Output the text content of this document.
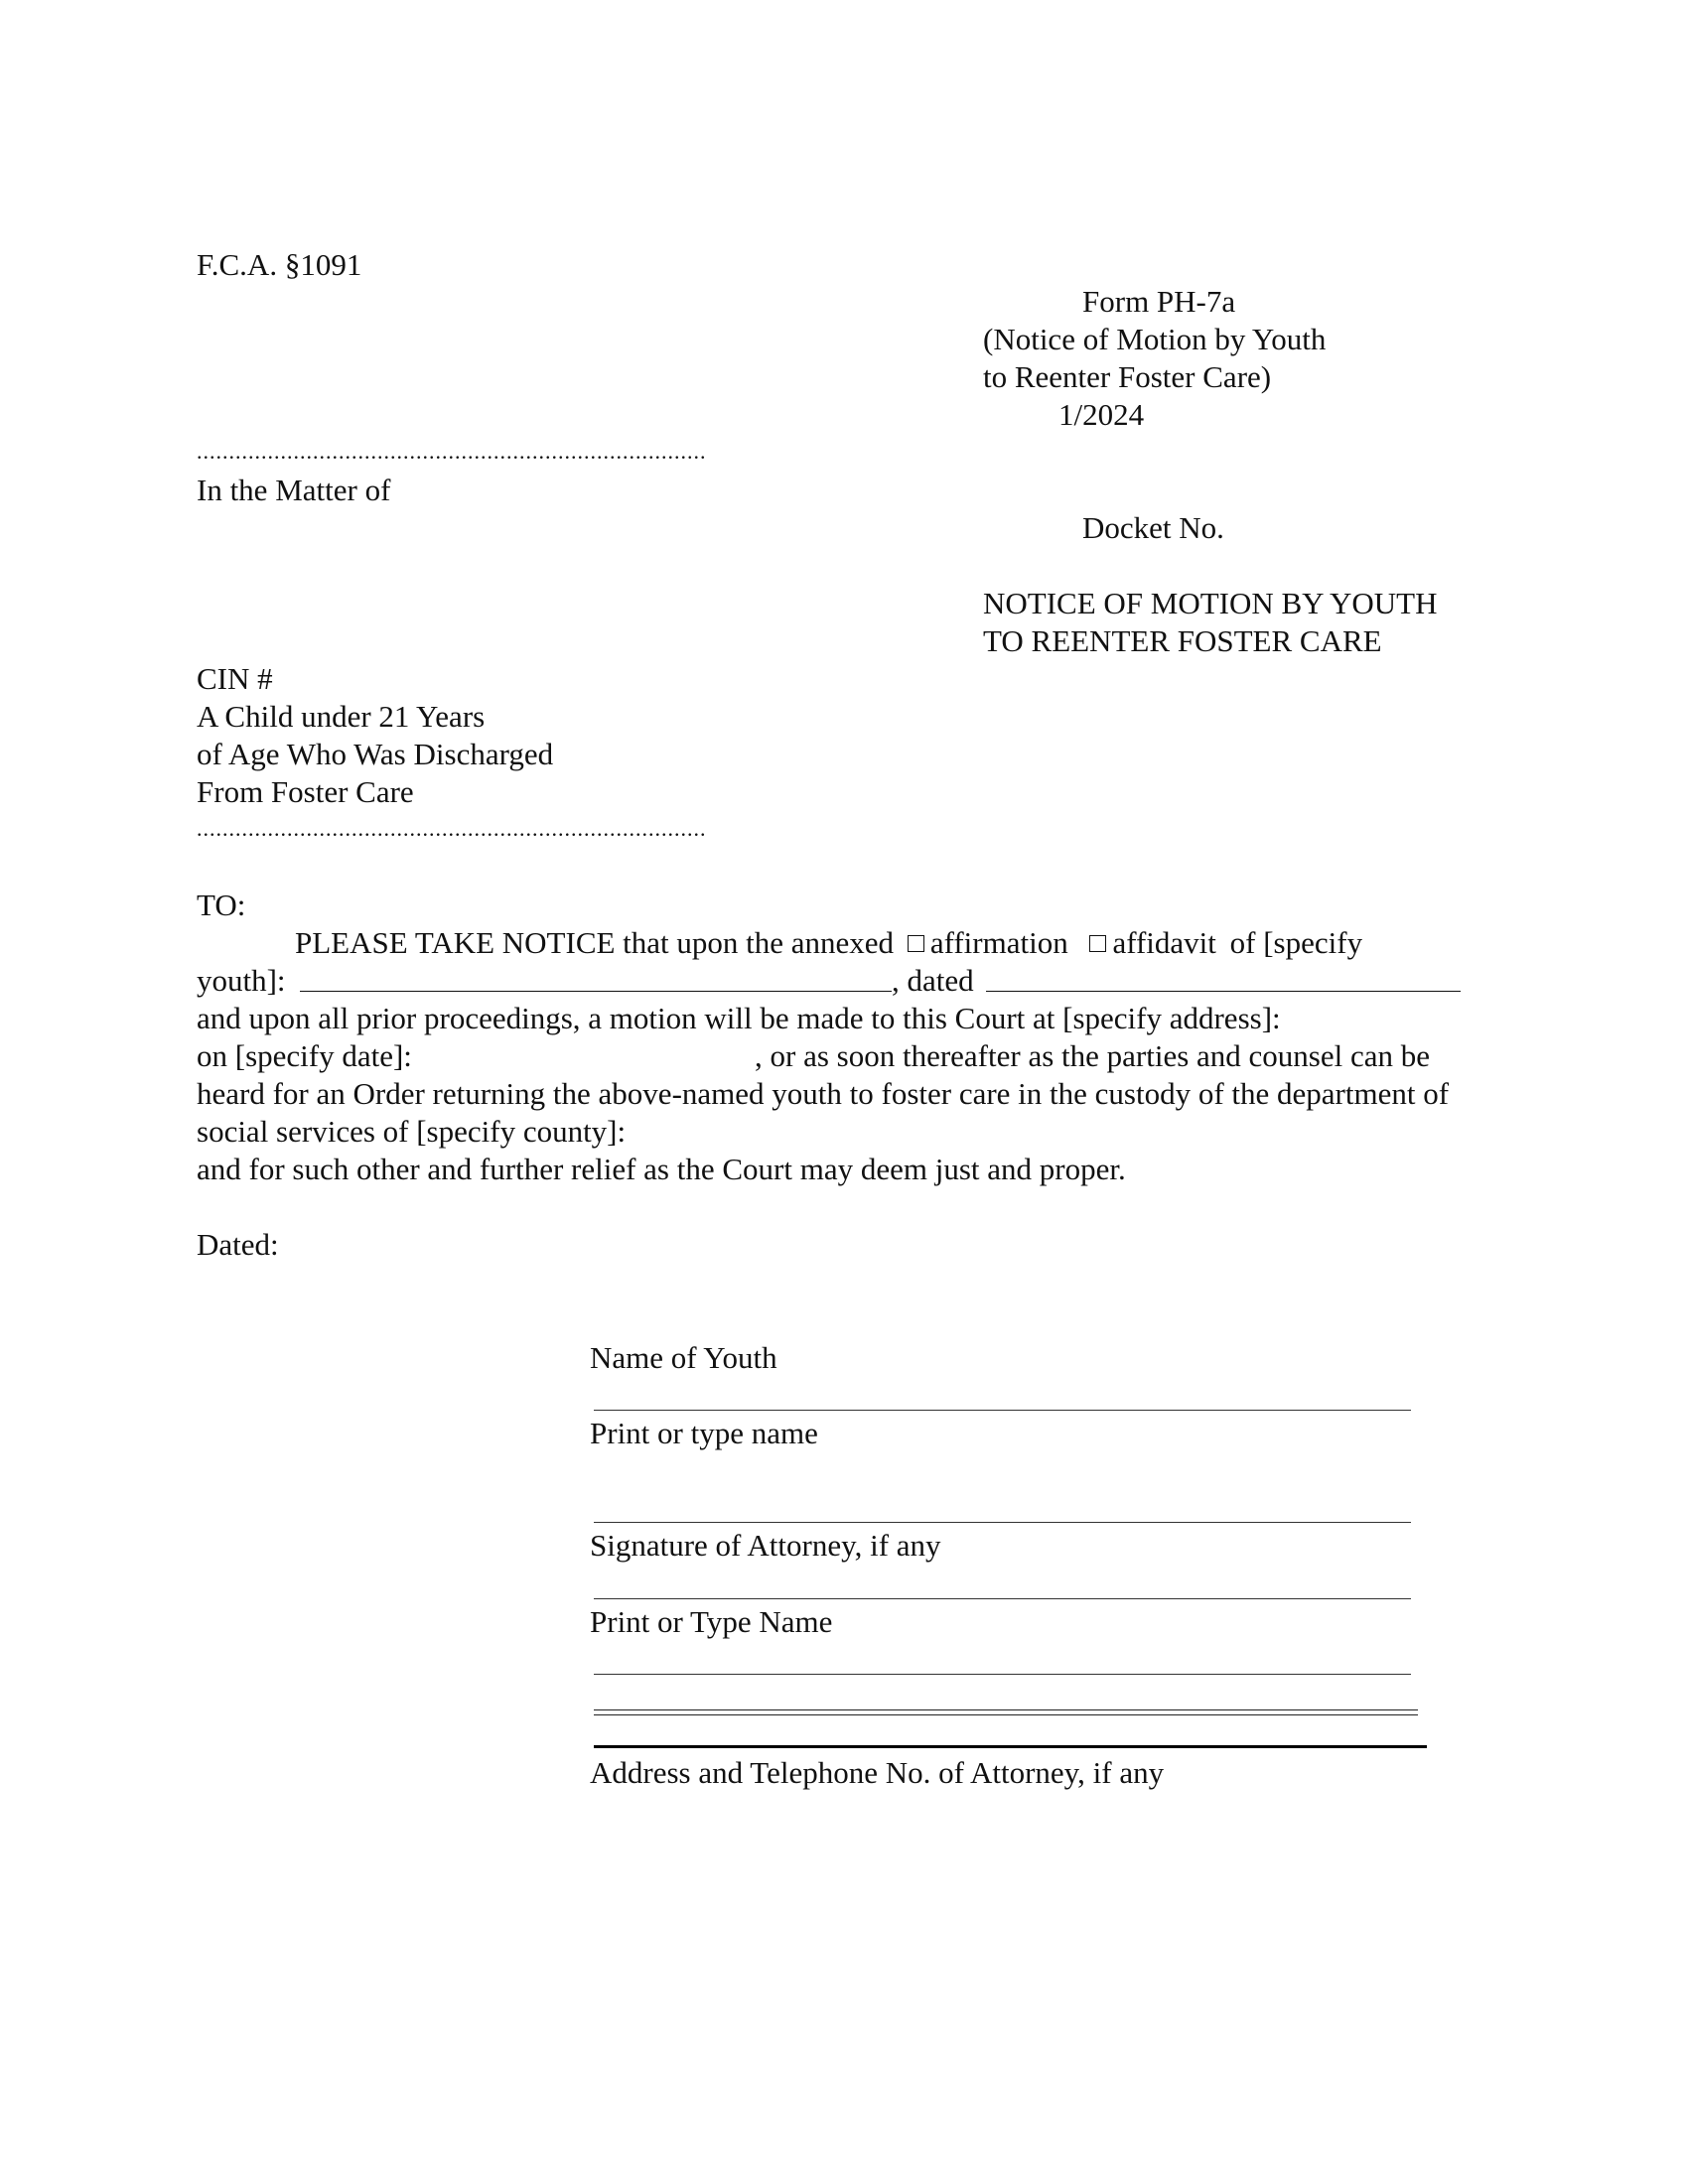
F.C.A. §1091
Form PH-7a
(Notice of Motion by Youth
to Reenter Foster Care)
1/2024
...............................................................................
In the Matter of
Docket No.
NOTICE OF MOTION BY YOUTH
TO REENTER FOSTER CARE
CIN #
A Child under 21 Years
of Age Who Was Discharged
From Foster Care
...............................................................................
TO:
PLEASE TAKE NOTICE that upon the annexed affirmation affidavit of [specify
youth]:	, dated
and upon all prior proceedings, a motion will be made to this Court at [specify address]:
on [specify date]:	, or as soon thereafter as the parties and counsel can be
heard for an Order returning the above-named youth to foster care in the custody of the department of
social services of [specify county]:
and for such other and further relief as the Court may deem just and proper.
Dated:
Name of Youth
Print or type name
Signature of Attorney, if any
Print or Type Name
Address and Telephone No. of Attorney, if any
